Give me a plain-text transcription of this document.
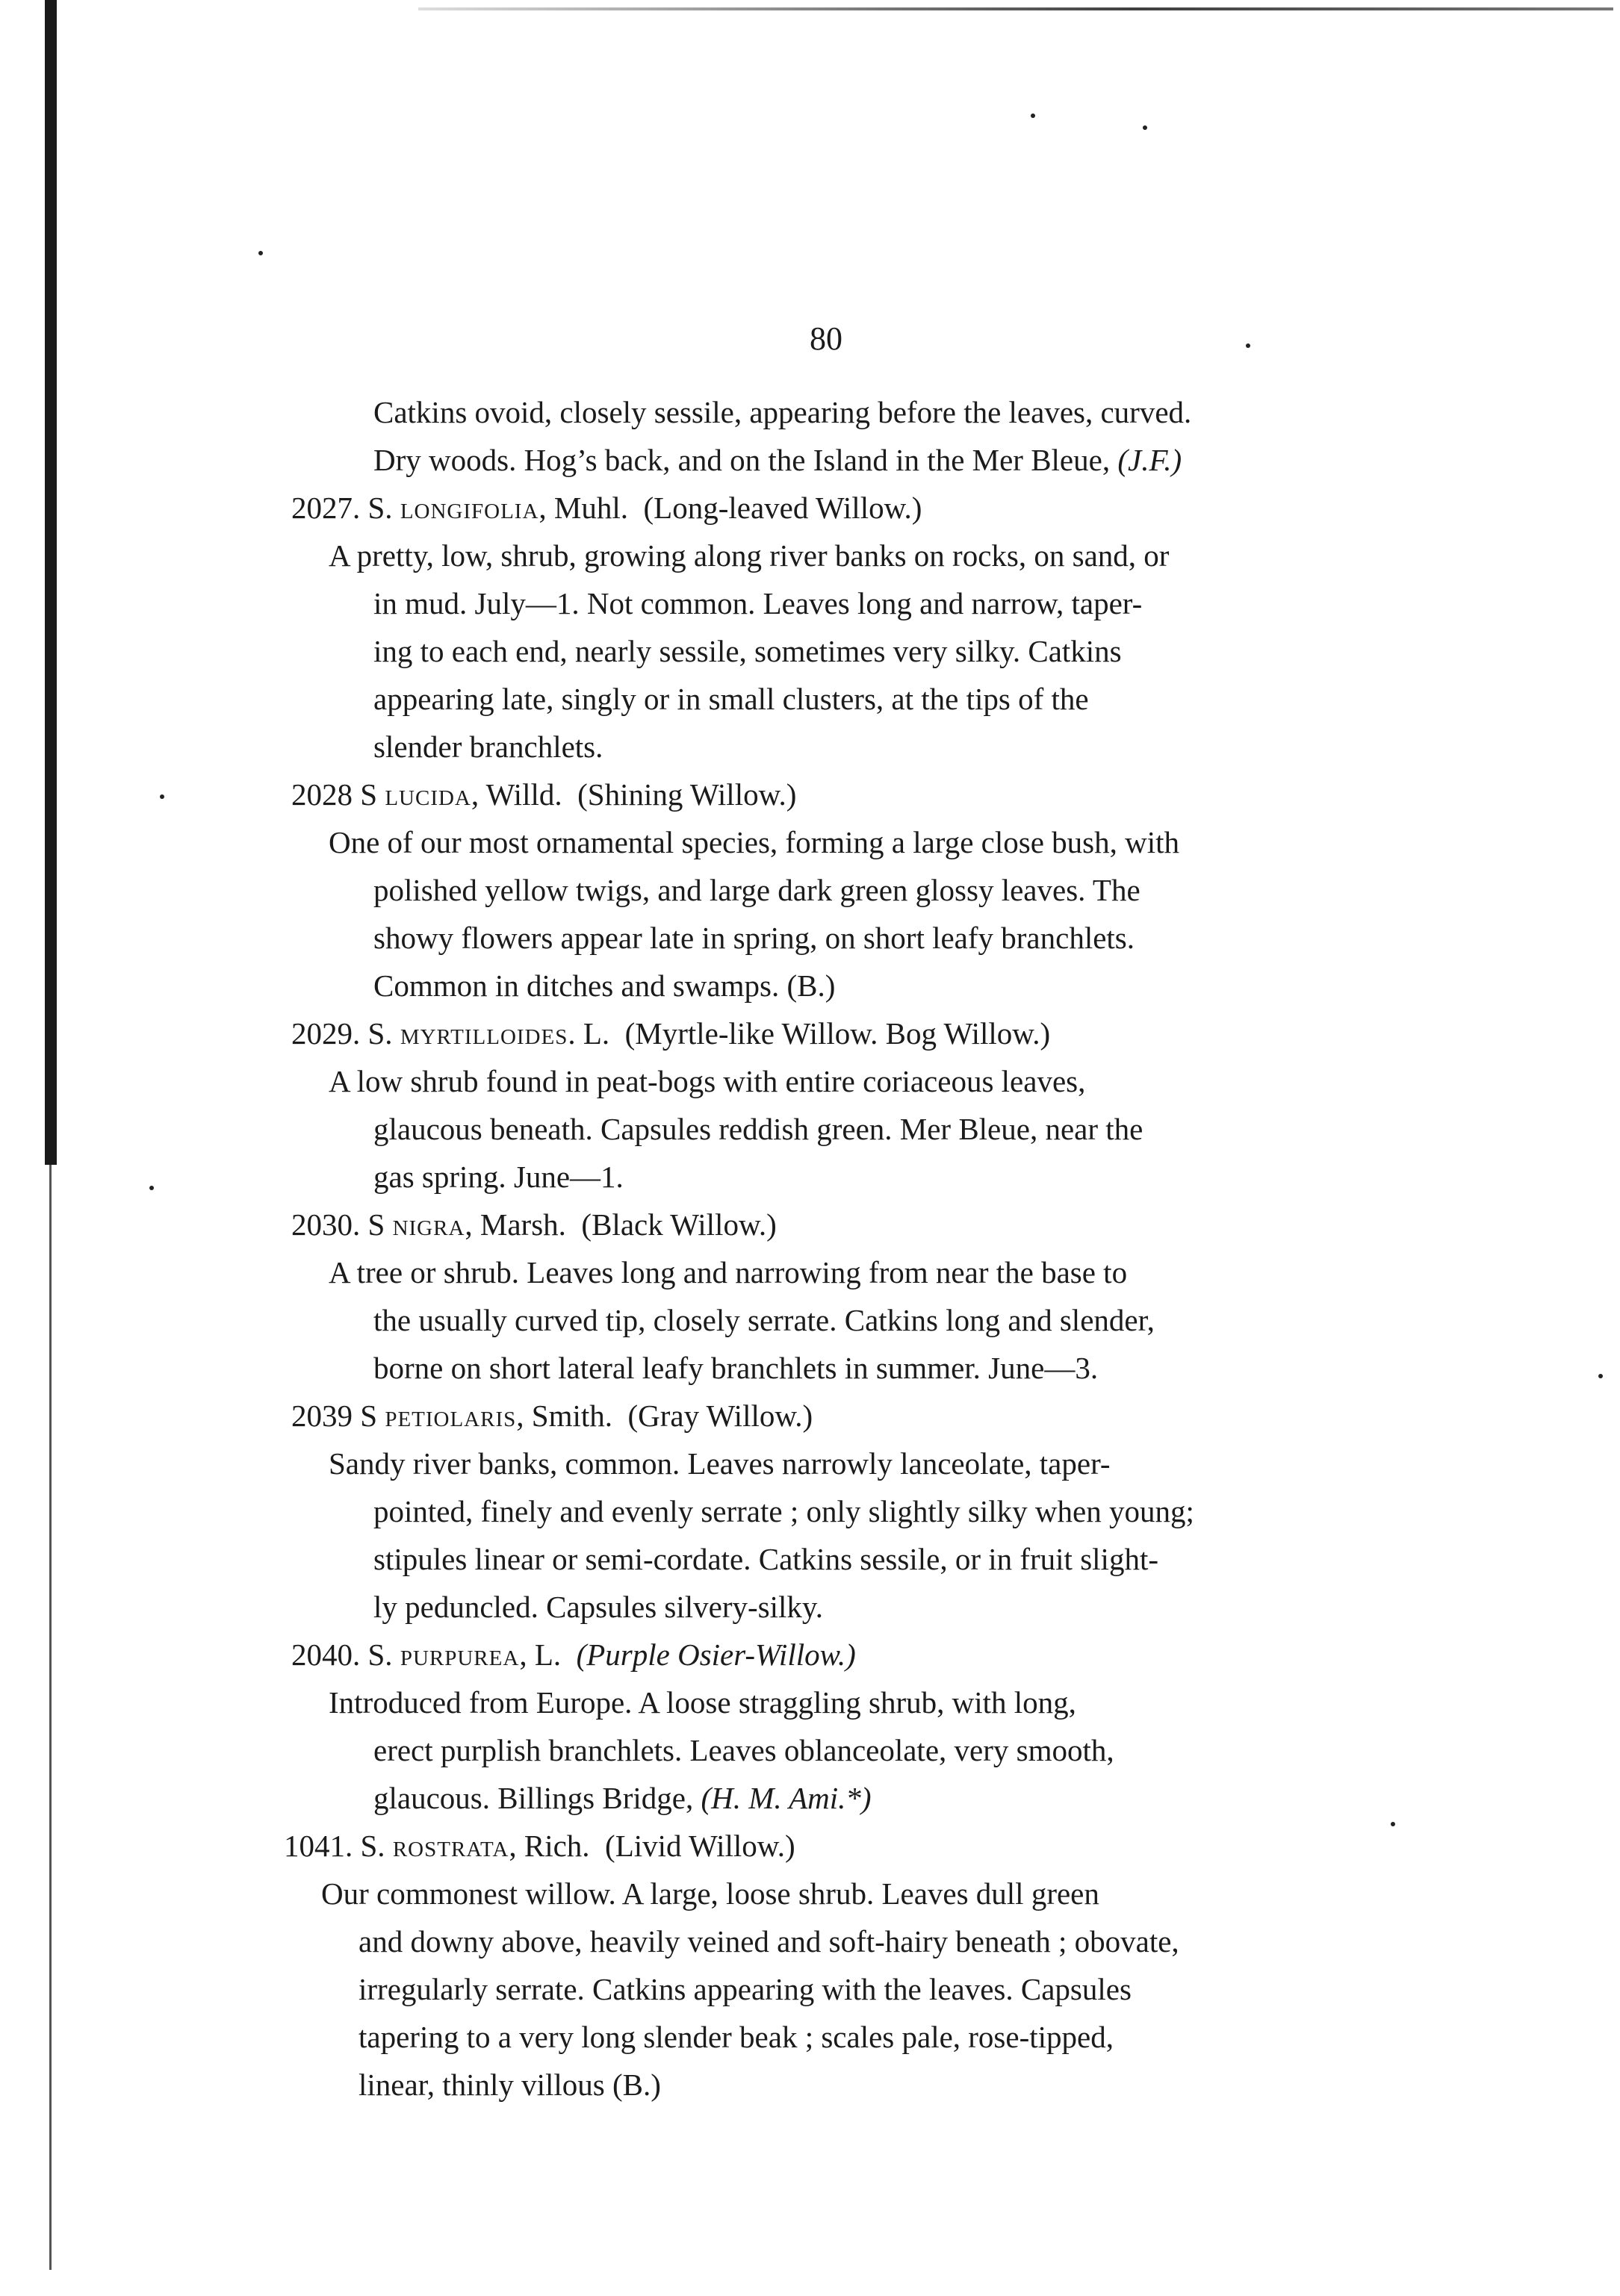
80
Catkins ovoid, closely sessile, appearing before the leaves, curved.
Dry woods. Hog’s back, and on the Island in the Mer Bleue, (J.F.)
2027. S. longifolia, Muhl. (Long-leaved Willow.)
A pretty, low, shrub, growing along river banks on rocks, on sand, or
in mud. July—1. Not common. Leaves long and narrow, taper-
ing to each end, nearly sessile, sometimes very silky. Catkins
appearing late, singly or in small clusters, at the tips of the
slender branchlets.
2028 S lucida, Willd. (Shining Willow.)
One of our most ornamental species, forming a large close bush, with
polished yellow twigs, and large dark green glossy leaves. The
showy flowers appear late in spring, on short leafy branchlets.
Common in ditches and swamps. (B.)
2029. S. myrtilloides. L. (Myrtle-like Willow. Bog Willow.)
A low shrub found in peat-bogs with entire coriaceous leaves,
glaucous beneath. Capsules reddish green. Mer Bleue, near the
gas spring. June—1.
2030. S nigra, Marsh. (Black Willow.)
A tree or shrub. Leaves long and narrowing from near the base to
the usually curved tip, closely serrate. Catkins long and slender,
borne on short lateral leafy branchlets in summer. June—3.
2039 S petiolaris, Smith. (Gray Willow.)
Sandy river banks, common. Leaves narrowly lanceolate, taper-
pointed, finely and evenly serrate ; only slightly silky when young;
stipules linear or semi-cordate. Catkins sessile, or in fruit slight-
ly peduncled. Capsules silvery-silky.
2040. S. purpurea, L. (Purple Osier-Willow.)
Introduced from Europe. A loose straggling shrub, with long,
erect purplish branchlets. Leaves oblanceolate, very smooth,
glaucous. Billings Bridge, (H. M. Ami.*)
1041. S. rostrata, Rich. (Livid Willow.)
Our commonest willow. A large, loose shrub. Leaves dull green
and downy above, heavily veined and soft-hairy beneath ; obovate,
irregularly serrate. Catkins appearing with the leaves. Capsules
tapering to a very long slender beak ; scales pale, rose-tipped,
linear, thinly villous (B.)
